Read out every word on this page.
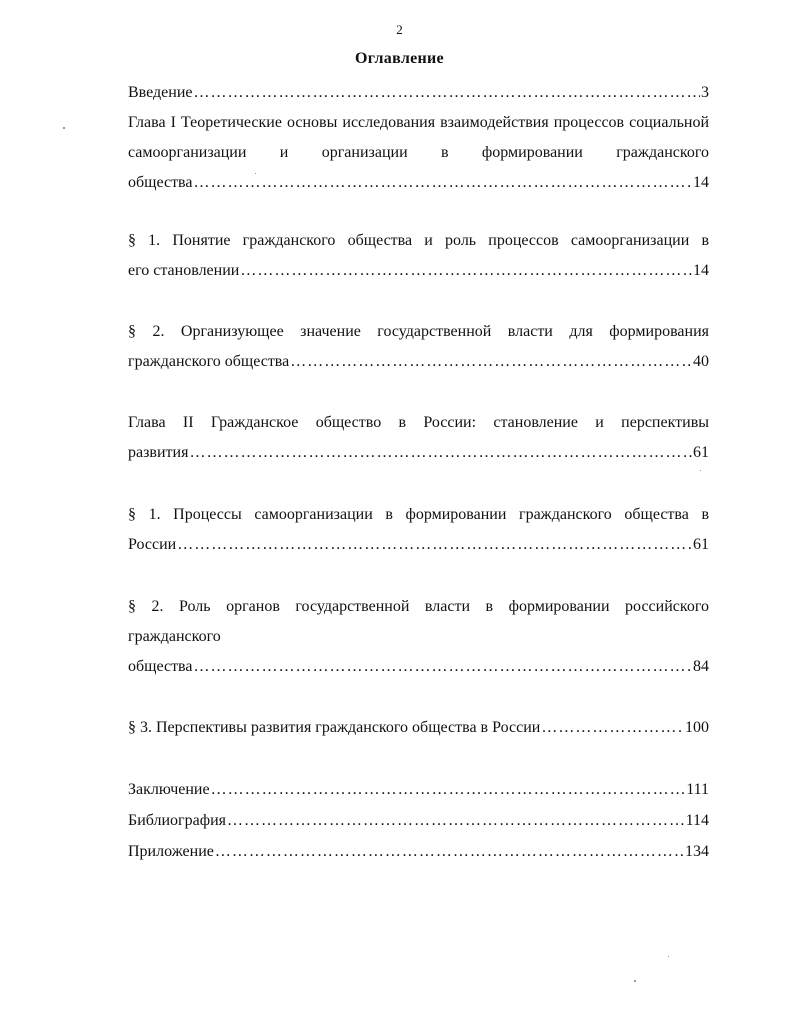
2
Оглавление
Введение …………………………………………………………………………………………………………………………………………………………………………………………………………	3
Глава I Теоретические основы исследования взаимодействия процессов социальной самоорганизации и организации в формировании гражданского
общества …………………………………………………………………………………………………………………………………………………………………………………………………………	14
§ 1. Понятие гражданского общества и роль процессов самоорганизации в
его становлении …………………………………………………………………………………………………………………………………………………………………………………………………………	14
§ 2. Организующее значение государственной власти для формирования
гражданского общества …………………………………………………………………………………………………………………………………………………………………………………………………………	40
Глава II Гражданское общество в России: становление и перспективы
развития …………………………………………………………………………………………………………………………………………………………………………………………………………	61
§ 1. Процессы самоорганизации в формировании гражданского общества в
России …………………………………………………………………………………………………………………………………………………………………………………………………………	61
§ 2. Роль органов государственной власти в формировании российского
гражданского
общества …………………………………………………………………………………………………………………………………………………………………………………………………………	84
§ 3. Перспективы развития гражданского общества в России …………………………………………………………………………………………………………………………………………………………………………………………………………	100
Заключение …………………………………………………………………………………………………………………………………………………………………………………………………………	111
Библиография …………………………………………………………………………………………………………………………………………………………………………………………………………	114
Приложение …………………………………………………………………………………………………………………………………………………………………………………………………………	134
